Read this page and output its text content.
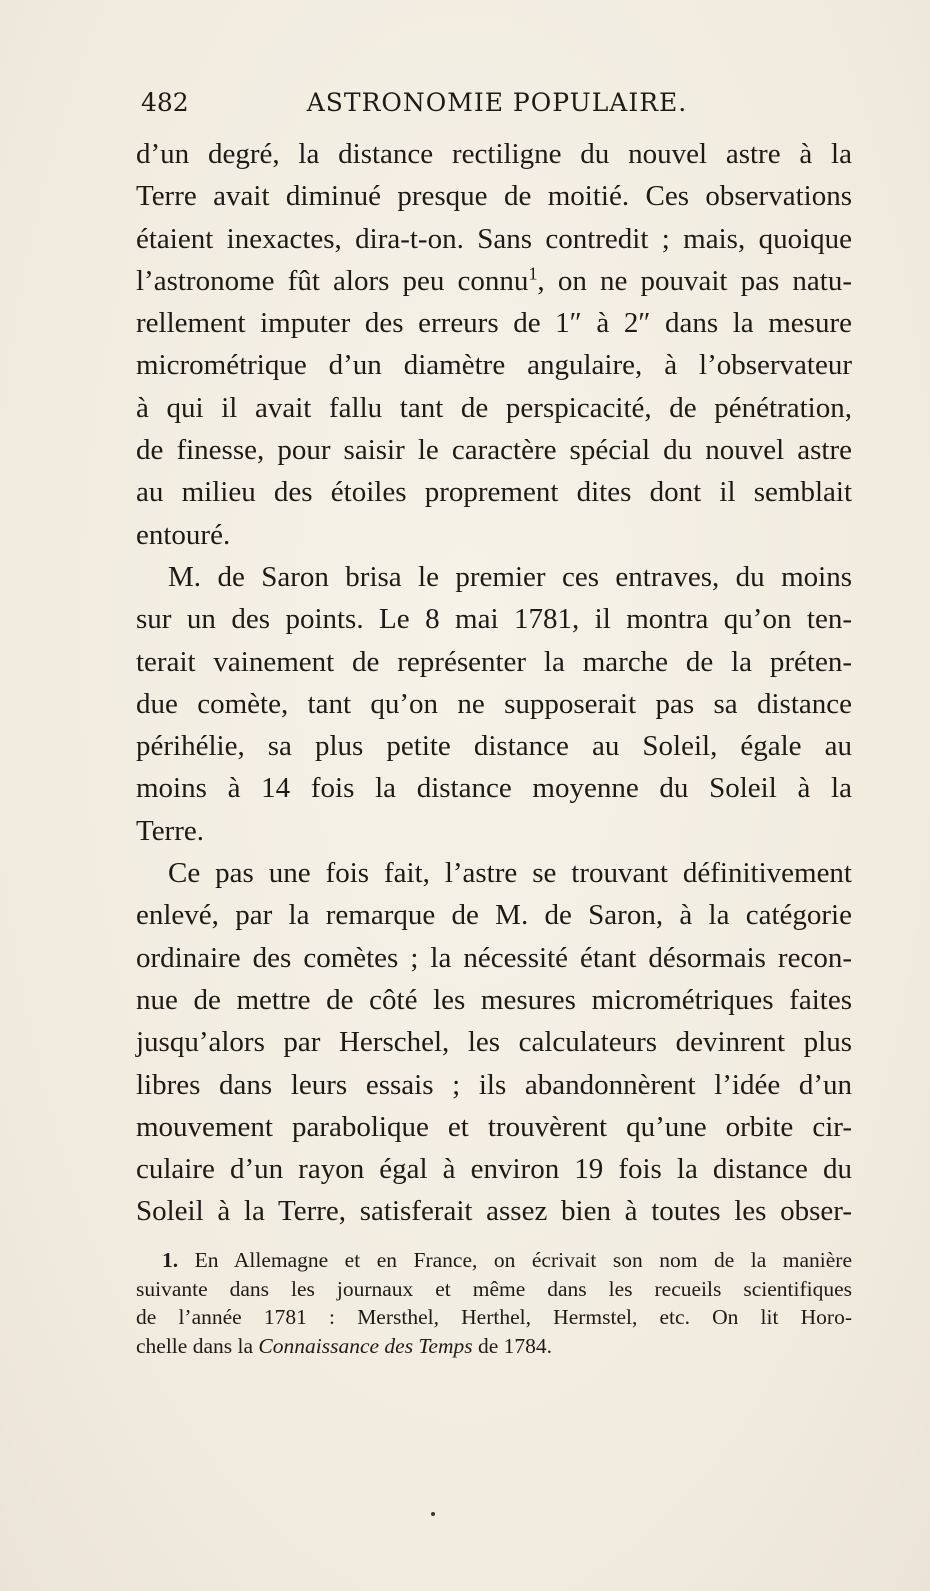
482	ASTRONOMIE POPULAIRE.
d’un degré, la distance rectiligne du nouvel astre à la
Terre avait diminué presque de moitié. Ces observations
étaient inexactes, dira-t-on. Sans contredit ; mais, quoique
l’astronome fût alors peu connu$^1$, on ne pouvait pas natu-
rellement imputer des erreurs de 1″ à 2″ dans la mesure
micrométrique d’un diamètre angulaire, à l’observateur
à qui il avait fallu tant de perspicacité, de pénétration,
de finesse, pour saisir le caractère spécial du nouvel astre
au milieu des étoiles proprement dites dont il semblait
entouré.
M. de Saron brisa le premier ces entraves, du moins
sur un des points. Le 8 mai 1781, il montra qu’on ten-
terait vainement de représenter la marche de la préten-
due comète, tant qu’on ne supposerait pas sa distance
périhélie, sa plus petite distance au Soleil, égale au
moins à 14 fois la distance moyenne du Soleil à la
Terre.
Ce pas une fois fait, l’astre se trouvant définitivement
enlevé, par la remarque de M. de Saron, à la catégorie
ordinaire des comètes ; la nécessité étant désormais recon-
nue de mettre de côté les mesures micrométriques faites
jusqu’alors par Herschel, les calculateurs devinrent plus
libres dans leurs essais ; ils abandonnèrent l’idée d’un
mouvement parabolique et trouvèrent qu’une orbite cir-
culaire d’un rayon égal à environ 19 fois la distance du
Soleil à la Terre, satisferait assez bien à toutes les obser-
1. En Allemagne et en France, on écrivait son nom de la manière
suivante dans les journaux et même dans les recueils scientifiques
de l’année 1781 : Mersthel, Herthel, Hermstel, etc. On lit Horo-
chelle dans la Connaissance des Temps de 1784.
